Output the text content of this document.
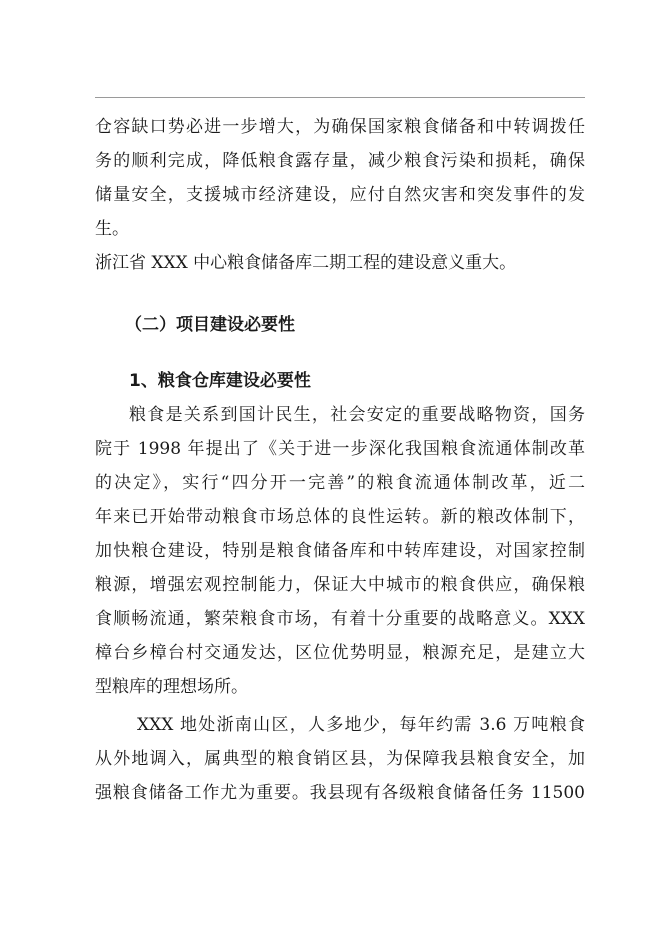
仓容缺口势必进一步增大，为确保国家粮食储备和中转调拨任
务的顺利完成，降低粮食露存量，减少粮食污染和损耗，确保
储量安全，支援城市经济建设，应付自然灾害和突发事件的发
生。
浙江省 XXX 中心粮食储备库二期工程的建设意义重大。
（二）项目建设必要性
1、粮食仓库建设必要性
粮食是关系到国计民生，社会安定的重要战略物资，国务
院于 1998 年提出了《关于进一步深化我国粮食流通体制改革
的决定》，实行“四分开一完善”的粮食流通体制改革，近二
年来已开始带动粮食市场总体的良性运转。新的粮改体制下，
加快粮仓建设，特别是粮食储备库和中转库建设，对国家控制
粮源，增强宏观控制能力，保证大中城市的粮食供应，确保粮
食顺畅流通，繁荣粮食市场，有着十分重要的战略意义。XXX
樟台乡樟台村交通发达，区位优势明显，粮源充足，是建立大
型粮库的理想场所。
XXX 地处浙南山区，人多地少，每年约需 3.6 万吨粮食
从外地调入，属典型的粮食销区县，为保障我县粮食安全，加
强粮食储备工作尤为重要。我县现有各级粮食储备任务 11500
